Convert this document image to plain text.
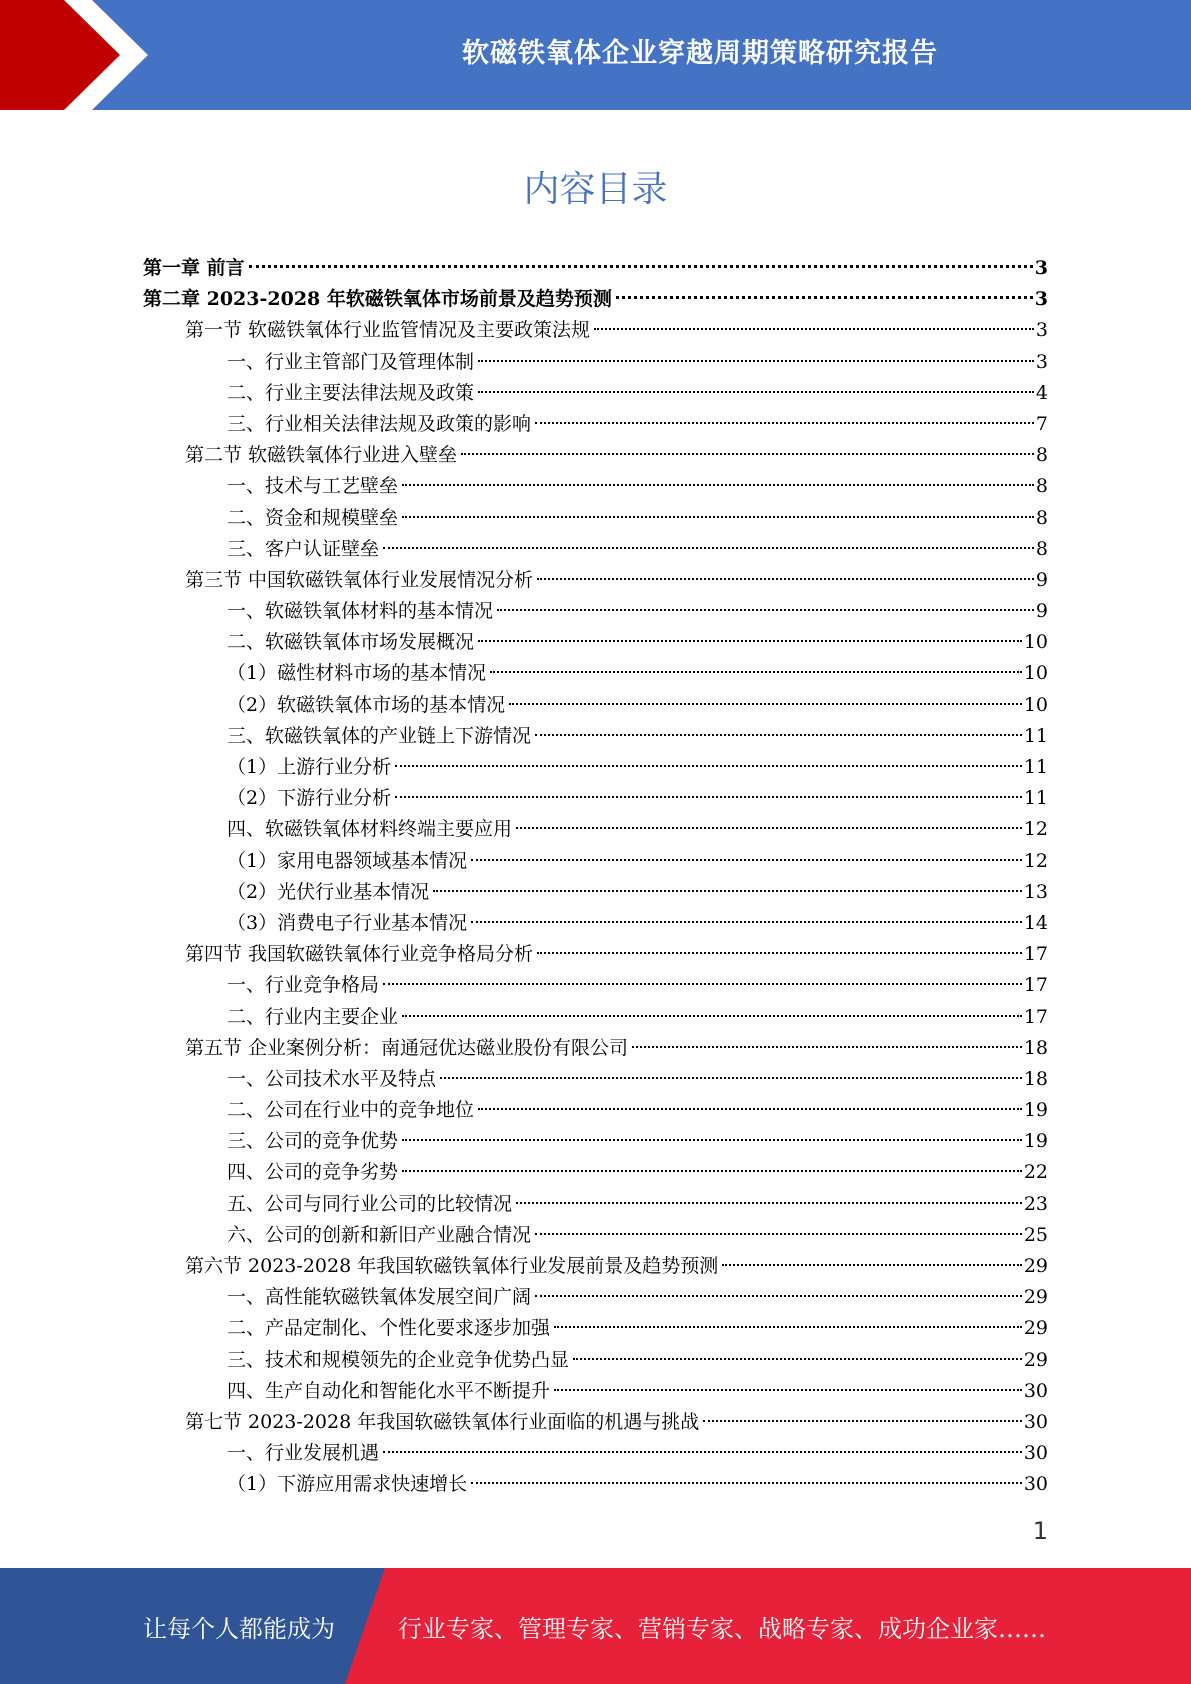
软磁铁氧体企业穿越周期策略研究报告
内容目录
第一章 前言	3
第二章 2023-2028 年软磁铁氧体市场前景及趋势预测	3
第一节 软磁铁氧体行业监管情况及主要政策法规	3
一、行业主管部门及管理体制	3
二、行业主要法律法规及政策	4
三、行业相关法律法规及政策的影响	7
第二节 软磁铁氧体行业进入壁垒	8
一、技术与工艺壁垒	8
二、资金和规模壁垒	8
三、客户认证壁垒	8
第三节 中国软磁铁氧体行业发展情况分析	9
一、软磁铁氧体材料的基本情况	9
二、软磁铁氧体市场发展概况	10
（1）磁性材料市场的基本情况	10
（2）软磁铁氧体市场的基本情况	10
三、软磁铁氧体的产业链上下游情况	11
（1）上游行业分析	11
（2）下游行业分析	11
四、软磁铁氧体材料终端主要应用	12
（1）家用电器领域基本情况	12
（2）光伏行业基本情况	13
（3）消费电子行业基本情况	14
第四节 我国软磁铁氧体行业竞争格局分析	17
一、行业竞争格局	17
二、行业内主要企业	17
第五节 企业案例分析：南通冠优达磁业股份有限公司	18
一、公司技术水平及特点	18
二、公司在行业中的竞争地位	19
三、公司的竞争优势	19
四、公司的竞争劣势	22
五、公司与同行业公司的比较情况	23
六、公司的创新和新旧产业融合情况	25
第六节 2023-2028 年我国软磁铁氧体行业发展前景及趋势预测	29
一、高性能软磁铁氧体发展空间广阔	29
二、产品定制化、个性化要求逐步加强	29
三、技术和规模领先的企业竞争优势凸显	29
四、生产自动化和智能化水平不断提升	30
第七节 2023-2028 年我国软磁铁氧体行业面临的机遇与挑战	30
一、行业发展机遇	30
（1）下游应用需求快速增长	30
1
让每个人都能成为	行业专家、管理专家、营销专家、战略专家、成功企业家……
